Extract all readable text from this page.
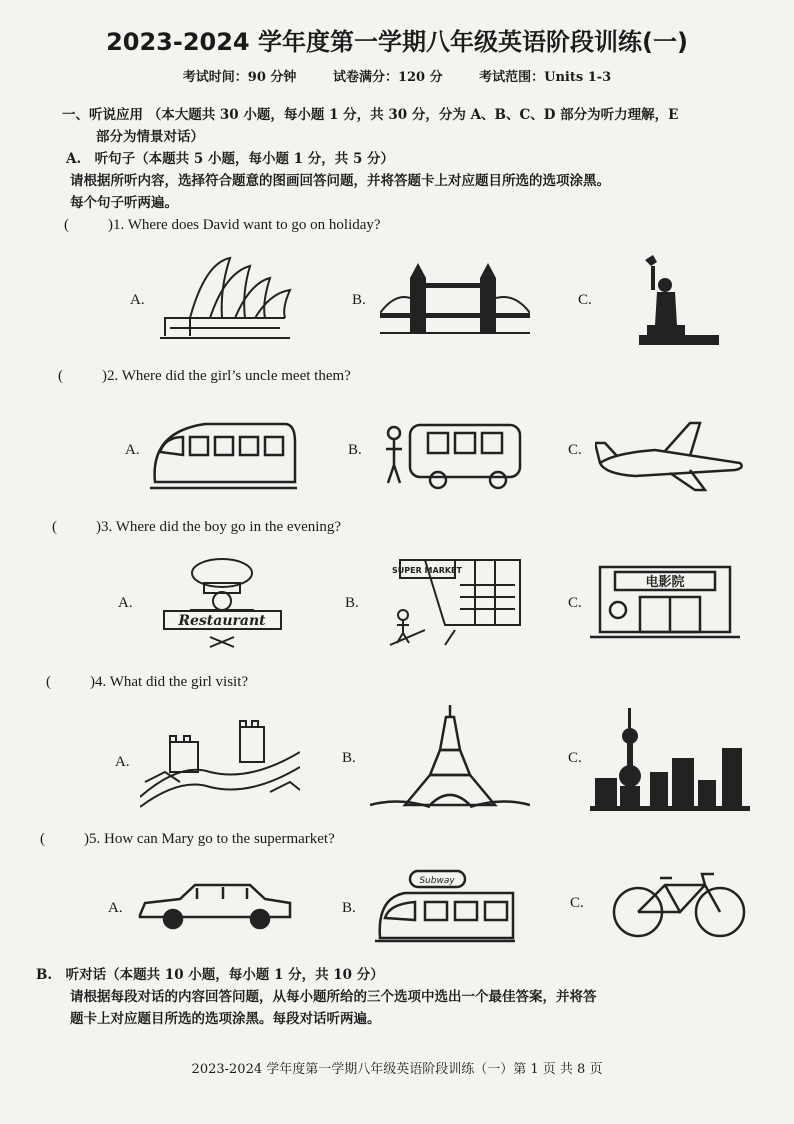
2023-2024 学年度第一学期八年级英语阶段训练(一)
考试时间：90 分钟	试卷满分：120 分	考试范围：Units 1-3
一、听说应用 （本大题共 30 小题，每小题 1 分，共 30 分，分为 A、B、C、D 部分为听力理解，E
部分为情景对话）
A.　听句子（本题共 5 小题，每小题 1 分，共 5 分）
请根据所听内容，选择符合题意的图画回答问题，并将答题卡上对应题目所选的选项涂黑。
每个句子听两遍。
(	)1. Where does David want to go on holiday?
A.	B.	C.
(	)2. Where did the girl’s uncle meet them?
A.	B.	C.
(	)3. Where did the boy go in the evening?
A.	B.	C.
Restaurant
SUPER MARKET
电影院
(	)4. What did the girl visit?
A.	B.	C.
(	)5. How can Mary go to the supermarket?
A.	B.	C.
Subway
B.　听对话（本题共 10 小题，每小题 1 分，共 10 分）
请根据每段对话的内容回答问题，从每小题所给的三个选项中选出一个最佳答案，并将答
题卡上对应题目所选的选项涂黑。每段对话听两遍。
2023-2024 学年度第一学期八年级英语阶段训练（一）第 1 页 共 8 页
